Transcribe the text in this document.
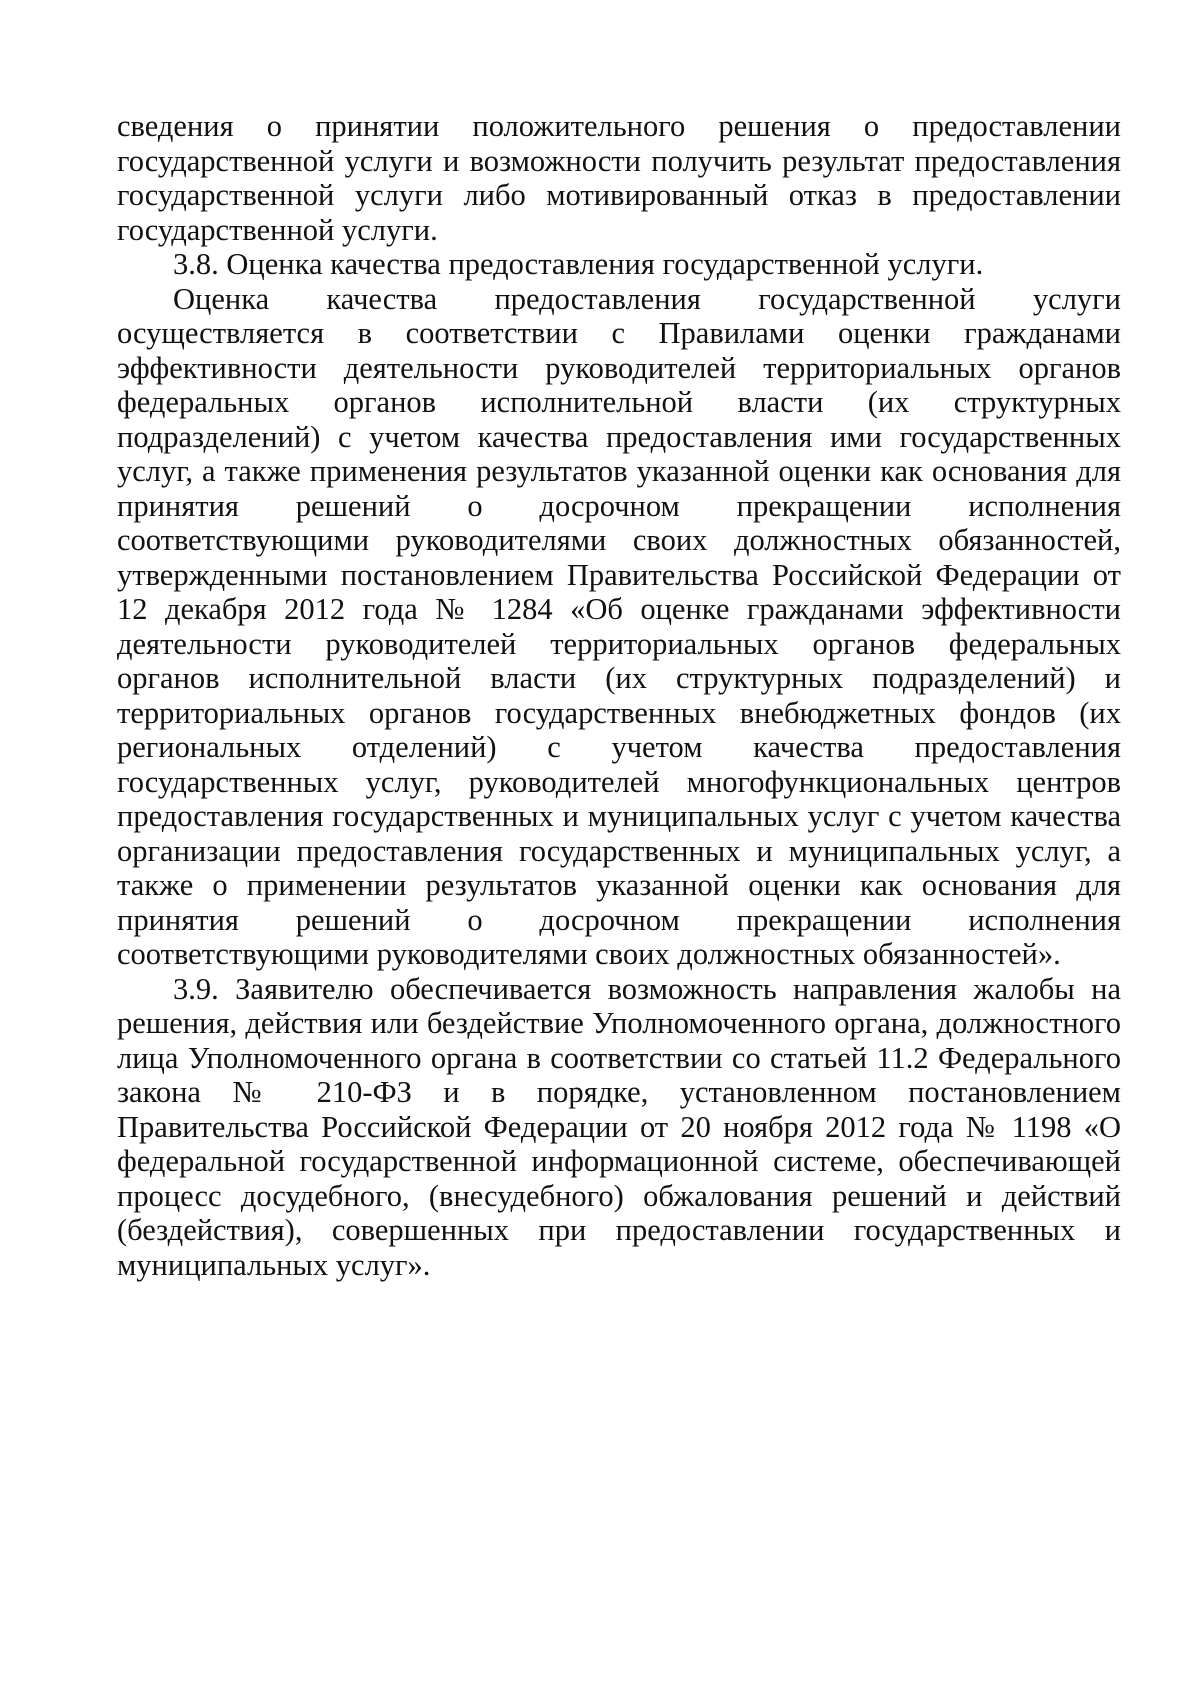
сведения о принятии положительного решения о предоставлении государственной услуги и возможности получить результат предоставления государственной услуги либо мотивированный отказ в предоставлении государственной услуги.

3.8. Оценка качества предоставления государственной услуги.

Оценка качества предоставления государственной услуги осуществляется в соответствии с Правилами оценки гражданами эффективности деятельности руководителей территориальных органов федеральных органов исполнительной власти (их структурных подразделений) с учетом качества предоставления ими государственных услуг, а также применения результатов указанной оценки как основания для принятия решений о досрочном прекращении исполнения соответствующими руководителями своих должностных обязанностей, утвержденными постановлением Правительства Российской Федерации от 12 декабря 2012 года № 1284 «Об оценке гражданами эффективности деятельности руководителей территориальных органов федеральных органов исполнительной власти (их структурных подразделений) и территориальных органов государственных внебюджетных фондов (их региональных отделений) с учетом качества предоставления государственных услуг, руководителей многофункциональных центров предоставления государственных и муниципальных услуг с учетом качества организации предоставления государственных и муниципальных услуг, а также о применении результатов указанной оценки как основания для принятия решений о досрочном прекращении исполнения соответствующими руководителями своих должностных обязанностей».

3.9. Заявителю обеспечивается возможность направления жалобы на решения, действия или бездействие Уполномоченного органа, должностного лица Уполномоченного органа в соответствии со статьей 11.2 Федерального закона № 210-ФЗ и в порядке, установленном постановлением Правительства Российской Федерации от 20 ноября 2012 года № 1198 «О федеральной государственной информационной системе, обеспечивающей процесс досудебного, (внесудебного) обжалования решений и действий (бездействия), совершенных при предоставлении государственных и муниципальных услуг».
